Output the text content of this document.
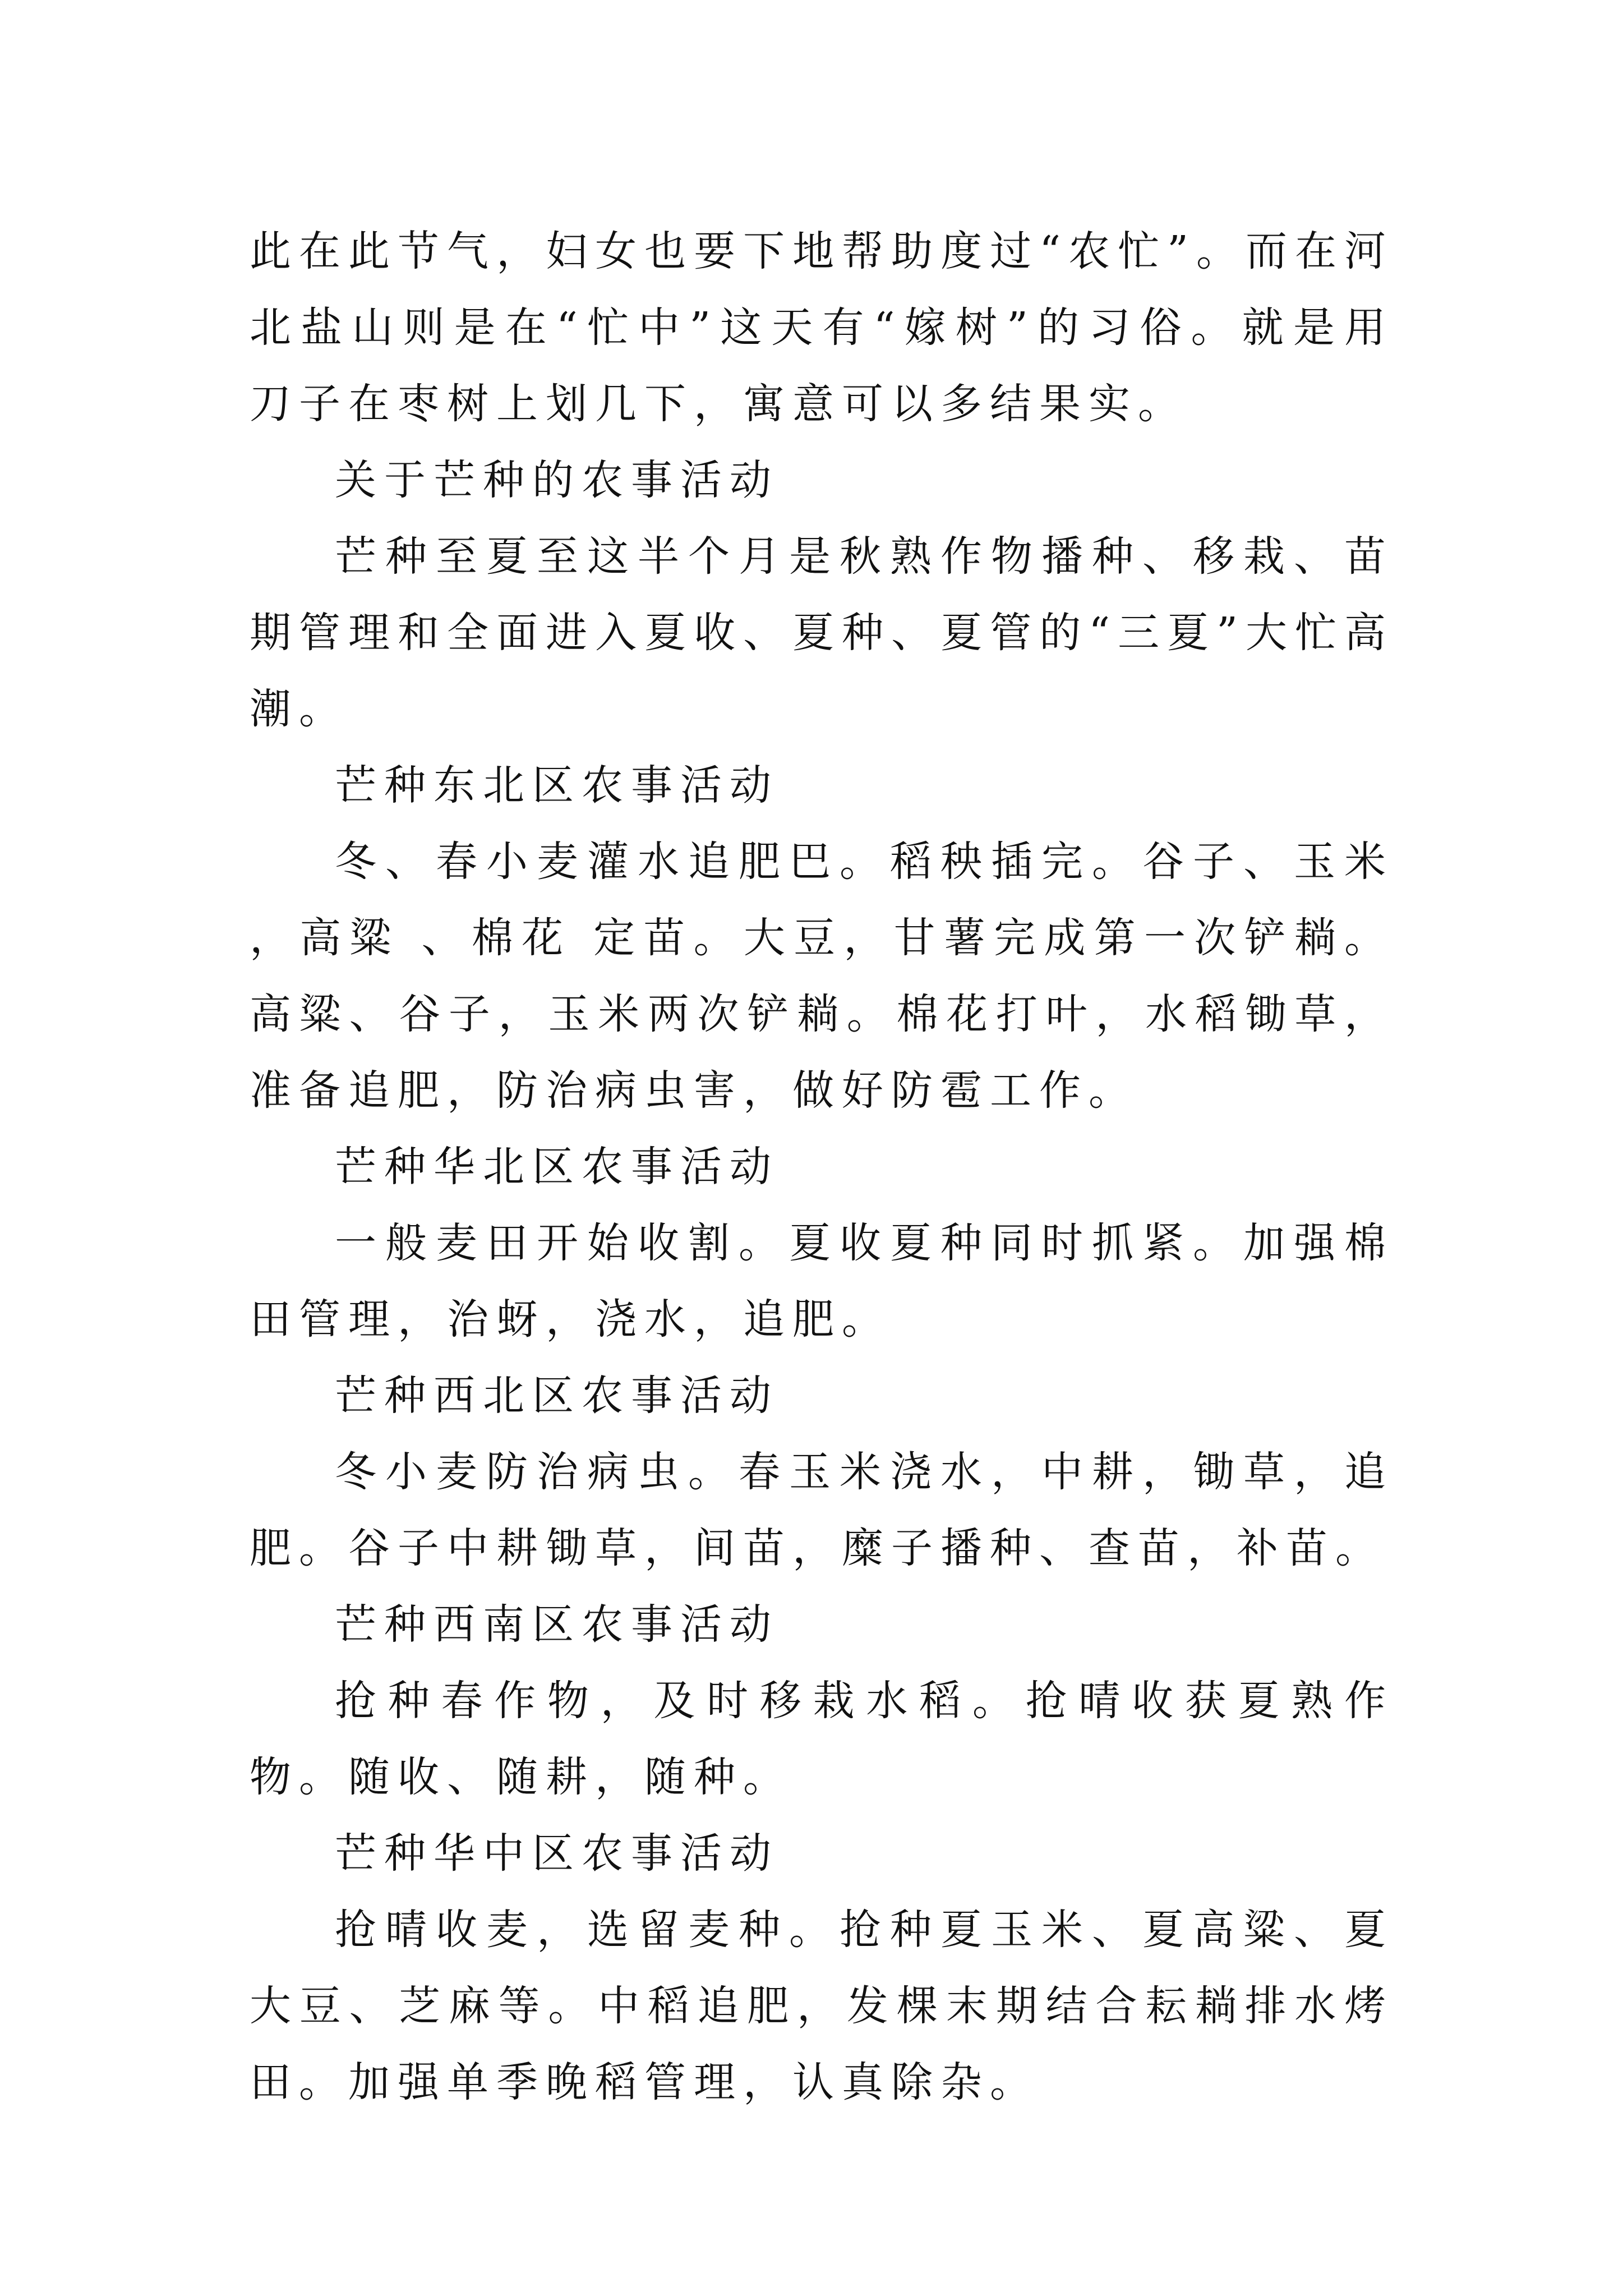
此在此节气，妇女也要下地帮助度过“农忙”。而在河北盐山则是在“忙中”这天有“嫁树”的习俗。就是用刀子在枣树上划几下，寓意可以多结果实。

关于芒种的农事活动

芒种至夏至这半个月是秋熟作物播种、移栽、苗期管理和全面进入夏收、夏种、夏管的“三夏”大忙高潮。

芒种东北区农事活动

冬、春小麦灌水追肥巴。稻秧插完。谷子、玉米 ，高粱 、棉花 定苗。大豆，甘薯完成第一次铲耥。高粱、谷子，玉米两次铲耥。棉花打叶，水稻锄草，准备追肥，防治病虫害，做好防雹工作。

芒种华北区农事活动

一般麦田开始收割。夏收夏种同时抓紧。加强棉田管理，治蚜，浇水，追肥。

芒种西北区农事活动

冬小麦防治病虫。春玉米浇水，中耕，锄草，追肥。谷子中耕锄草，间苗，糜子播种、查苗，补苗。

芒种西南区农事活动

抢种春作物，及时移栽水稻。抢晴收获夏熟作物。随收、随耕，随种。

芒种华中区农事活动

抢晴收麦，选留麦种。抢种夏玉米、夏高粱、夏大豆、芝麻等。中稻追肥，发棵末期结合耘耥排水烤田。加强单季晚稻管理，认真除杂。
